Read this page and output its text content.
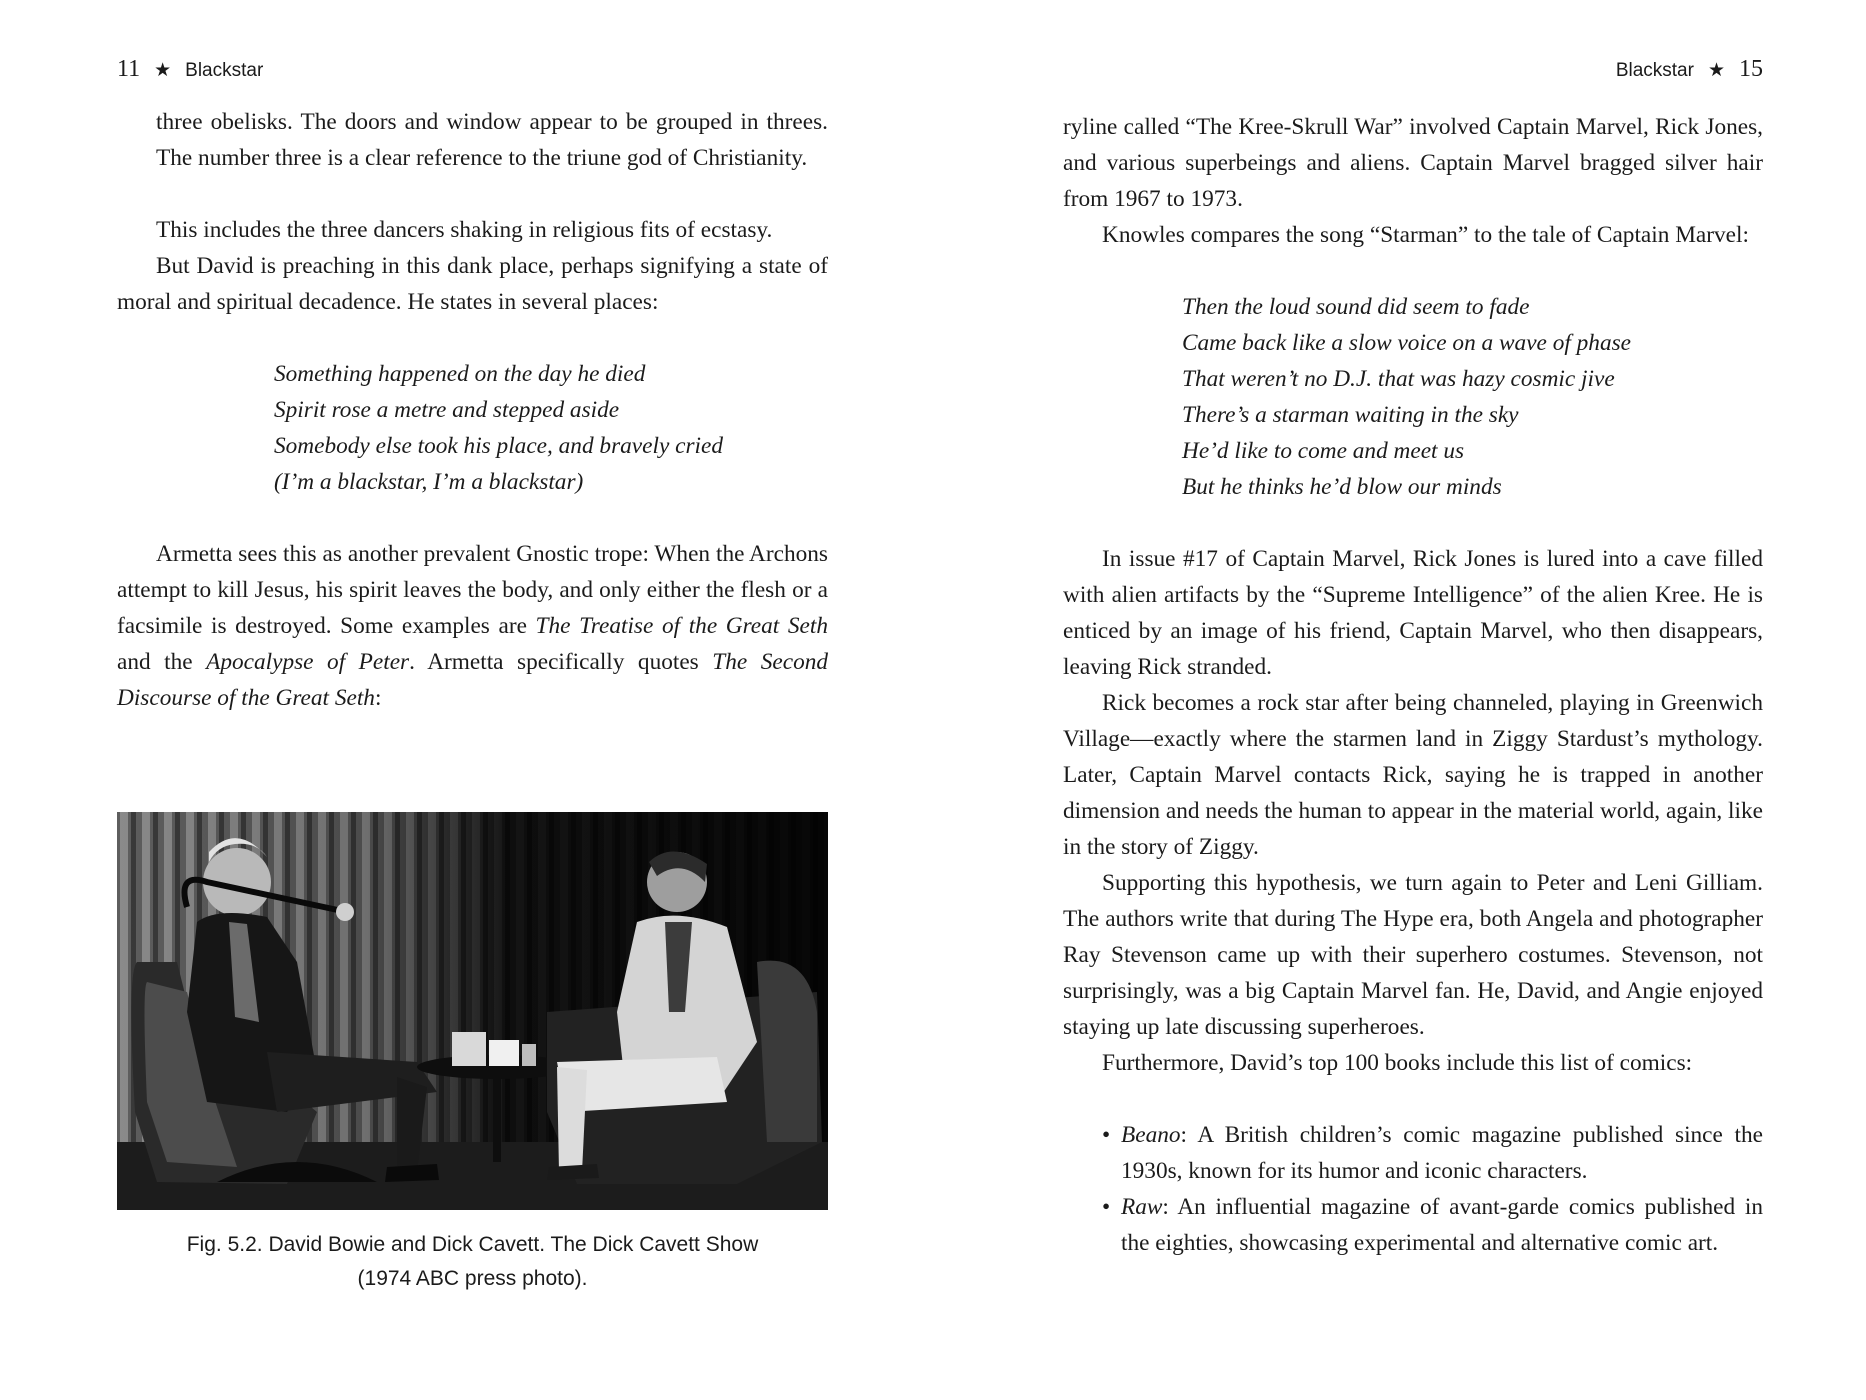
11 ★ Blackstar

three obelisks. The doors and window appear to be grouped in threes. The number three is a clear reference to the triune god of Christianity.

This includes the three dancers shaking in religious fits of ecstasy.

But David is preaching in this dank place, perhaps signifying a state of moral and spiritual decadence. He states in several places:

Something happened on the day he died
Spirit rose a metre and stepped aside
Somebody else took his place, and bravely cried
(I’m a blackstar, I’m a blackstar)

Armetta sees this as another prevalent Gnostic trope: When the Archons attempt to kill Jesus, his spirit leaves the body, and only either the flesh or a facsimile is destroyed. Some examples are The Treatise of the Great Seth and the Apocalypse of Peter. Armetta specifically quotes The Second Discourse of the Great Seth:

Fig. 5.2. David Bowie and Dick Cavett. The Dick Cavett Show
(1974 ABC press photo).
Blackstar ★ 15

ryline called “The Kree-Skrull War” involved Captain Marvel, Rick Jones, and various superbeings and aliens. Captain Marvel bragged silver hair from 1967 to 1973.

Knowles compares the song “Starman” to the tale of Captain Marvel:

Then the loud sound did seem to fade
Came back like a slow voice on a wave of phase
That weren’t no D.J. that was hazy cosmic jive
There’s a starman waiting in the sky
He’d like to come and meet us
But he thinks he’d blow our minds

In issue #17 of Captain Marvel, Rick Jones is lured into a cave filled with alien artifacts by the “Supreme Intelligence” of the alien Kree. He is enticed by an image of his friend, Captain Marvel, who then disappears, leaving Rick stranded.

Rick becomes a rock star after being channeled, playing in Greenwich Village—exactly where the starmen land in Ziggy Stardust’s mythology. Later, Captain Marvel contacts Rick, saying he is trapped in another dimension and needs the human to appear in the material world, again, like in the story of Ziggy.

Supporting this hypothesis, we turn again to Peter and Leni Gilliam. The authors write that during The Hype era, both Angela and photographer Ray Stevenson came up with their superhero costumes. Stevenson, not surprisingly, was a big Captain Marvel fan. He, David, and Angie enjoyed staying up late discussing superheroes.

Furthermore, David’s top 100 books include this list of comics:

• Beano: A British children’s comic magazine published since the 1930s, known for its humor and iconic characters.
• Raw: An influential magazine of avant-garde comics published in the eighties, showcasing experimental and alternative comic art.
